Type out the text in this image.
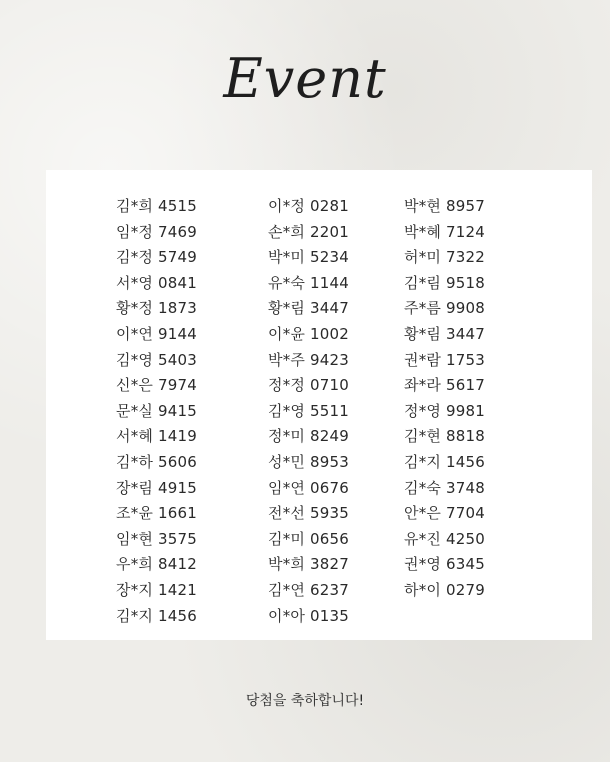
Event
김*희 4515
임*정 7469
김*정 5749
서*영 0841
황*정 1873
이*연 9144
김*영 5403
신*은 7974
문*실 9415
서*혜 1419
김*하 5606
장*림 4915
조*윤 1661
임*현 3575
우*희 8412
장*지 1421
김*지 1456
이*정 0281
손*희 2201
박*미 5234
유*숙 1144
황*림 3447
이*윤 1002
박*주 9423
정*정 0710
김*영 5511
정*미 8249
성*민 8953
임*연 0676
전*선 5935
김*미 0656
박*희 3827
김*연 6237
이*아 0135
박*현 8957
박*혜 7124
허*미 7322
김*림 9518
주*름 9908
황*림 3447
권*람 1753
좌*라 5617
정*영 9981
김*현 8818
김*지 1456
김*숙 3748
안*은 7704
유*진 4250
권*영 6345
하*이 0279
당첨을 축하합니다!
